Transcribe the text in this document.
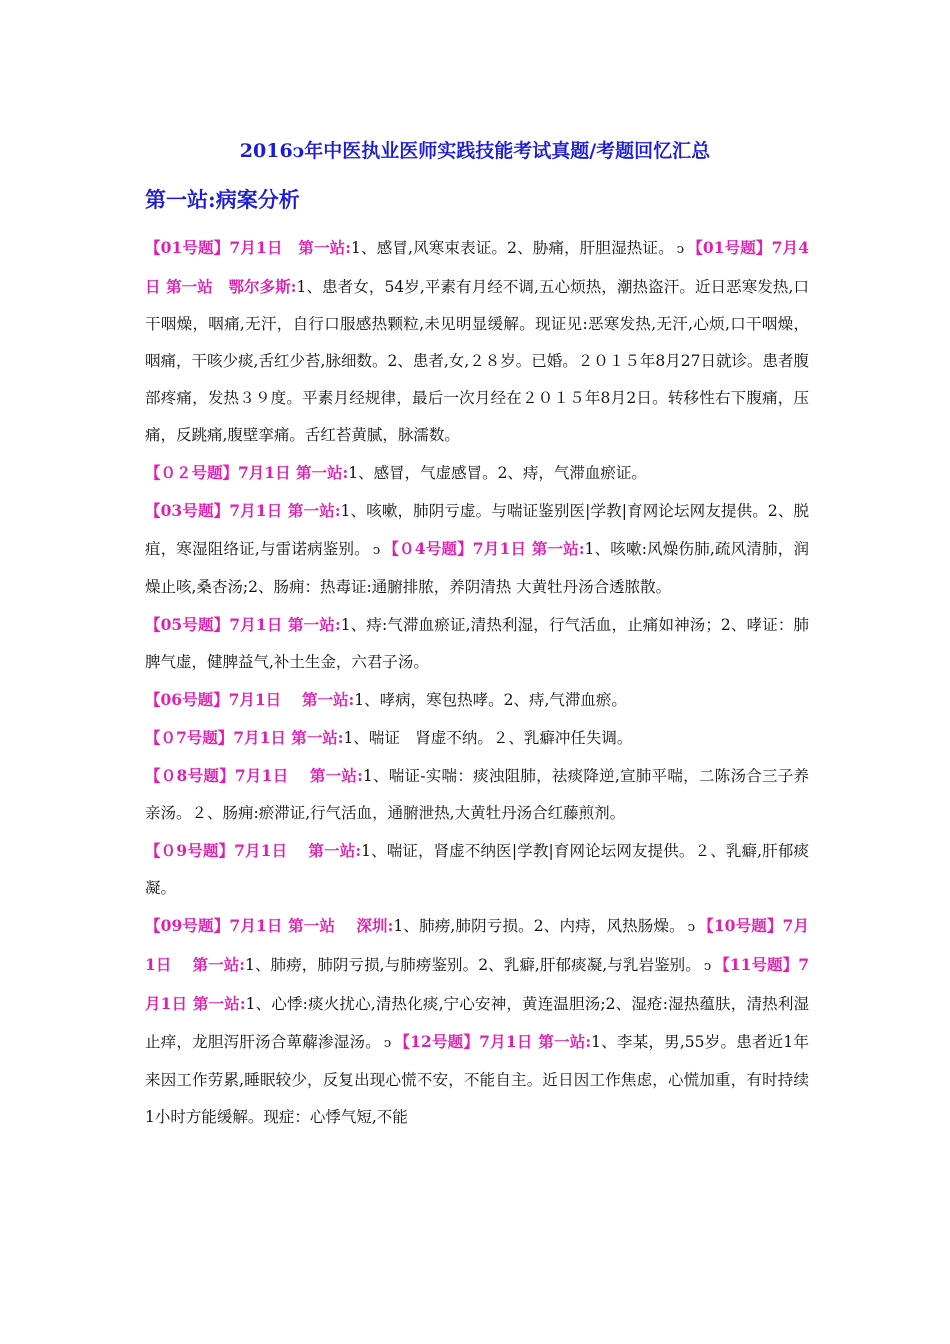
2016ↄ年中医执业医师实践技能考试真题/考题回忆汇总
第一站:病案分析

【01号题】7月1日　第一站:1、感冒,风寒束表证。2、胁痛，肝胆湿热证。 ↄ 【01号题】7月4日 第一站　鄂尔多斯:1、患者女，54岁,平素有月经不调,五心烦热，潮热盗汗。近日恶寒发热,口干咽燥，咽痛,无汗，自行口服感热颗粒,未见明显缓解。现证见:恶寒发热,无汗,心烦,口干咽燥，咽痛，干咳少痰,舌红少苔,脉细数。2、患者,女,２８岁。已婚。２０１５年8月27日就诊。患者腹部疼痛，发热３９度。平素月经规律，最后一次月经在２０１５年8月2日。转移性右下腹痛，压痛，反跳痛,腹壁挛痛。舌红苔黄腻，脉濡数。

【０２号题】7月1日 第一站:1、感冒，气虚感冒。2、痔，气滞血瘀证。

【03号题】7月1日 第一站:1、咳嗽，肺阴亏虚。与喘证鉴别医|学教|育网论坛网友提供。2、脱疽，寒湿阻络证,与雷诺病鉴别。 ↄ 【０4号题】7月1日 第一站:1、咳嗽:风燥伤肺,疏风清肺，润燥止咳,桑杏汤;2、肠痈：热毒证:通腑排脓，养阴清热 大黄牡丹汤合透脓散。

【05号题】7月1日 第一站:1、痔:气滞血瘀证,清热利湿，行气活血，止痛如神汤；2、哮证：肺脾气虚，健脾益气,补土生金，六君子汤。

【06号题】7月1日　 第一站:1、哮病，寒包热哮。2、痔,气滞血瘀。

【０7号题】7月1日 第一站:1、喘证　肾虚不纳。２、乳癖冲任失调。

【０8号题】7月1日　 第一站:1、喘证-实喘：痰浊阻肺，祛痰降逆,宣肺平喘，二陈汤合三子养亲汤。２、肠痈:瘀滞证,行气活血，通腑泄热,大黄牡丹汤合红藤煎剂。

【０9号题】7月1日　 第一站:1、喘证，肾虚不纳医|学教|育网论坛网友提供。２、乳癖,肝郁痰凝。

【09号题】7月1日 第一站　 深圳:1、肺痨,肺阴亏损。2、内痔，风热肠燥。 ↄ 【10号题】7月1日　 第一站:1、肺痨，肺阴亏损,与肺痨鉴别。2、乳癖,肝郁痰凝,与乳岩鉴别。 ↄ 【11号题】7月1日 第一站:1、心悸:痰火扰心,清热化痰,宁心安神，黄连温胆汤;2、湿疮:湿热蕴肤，清热利湿止痒，龙胆泻肝汤合萆薢渗湿汤。 ↄ 【12号题】7月1日 第一站:1、李某，男,55岁。患者近1年来因工作劳累,睡眠较少，反复出现心慌不安，不能自主。近日因工作焦虑，心慌加重，有时持续1小时方能缓解。现症：心悸气短,不能
